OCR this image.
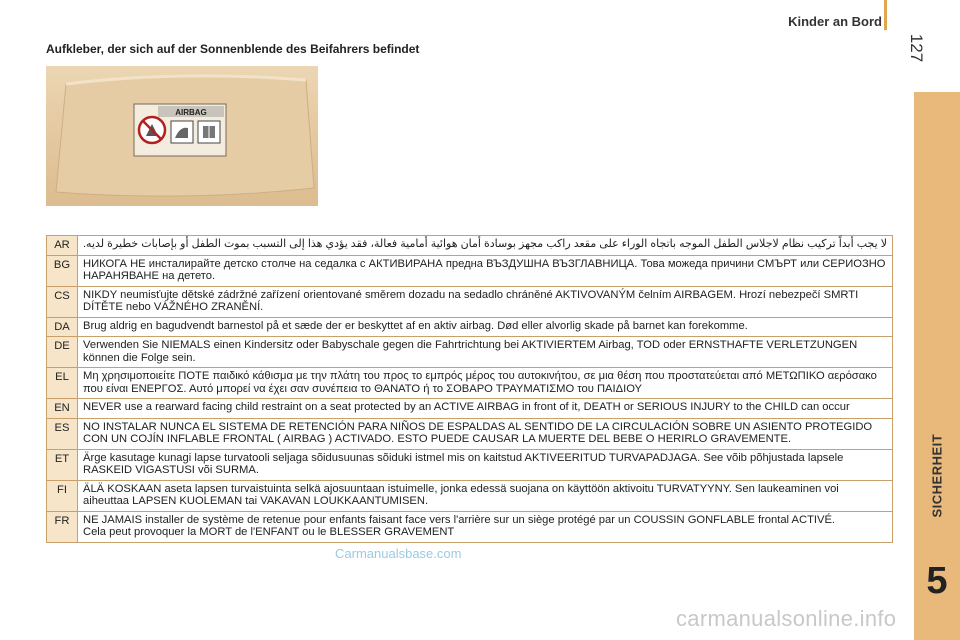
Kinder an Bord
127
SICHERHEIT
5
Aufkleber, der sich auf der Sonnenblende des Beifahrers befindet
AIRBAG
AR	لا يجب أبداً تركيب نظام لاجلاس الطفل الموجه باتجاه الوراء على مقعد راكب مجهز بوسادة أمان هوائية أمامية فعالة، فقد يؤدي هذا إلى التسبب بموت الطفل أو بإصابات خطيرة لديه.
BG	НИКОГА НЕ инсталирайте детско столче на седалка с АКТИВИРАНА предна ВЪЗДУШНА ВЪЗГЛАВНИЦА. Това можеда причини СМЪРТ или СЕРИОЗНО НАРАНЯВАНЕ на детето.
CS	NIKDY neumisťujte dětské zádržné zařízení orientované směrem dozadu na sedadlo chráněné AKTIVOVANÝM čelním AIRBAGEM. Hrozí nebezpečí SMRTI DÍTĚTE nebo VÁŽNÉHO ZRANĚNÍ.
DA	Brug aldrig en bagudvendt barnestol på et sæde der er beskyttet af en aktiv airbag. Død eller alvorlig skade på barnet kan forekomme.
DE	Verwenden Sie NIEMALS einen Kindersitz oder Babyschale gegen die Fahrtrichtung bei AKTIVIERTEM Airbag, TOD oder ERNSTHAFTE VERLETZUNGEN können die Folge sein.
EL	Μη χρησιμοποιείτε ΠΟΤΕ παιδικό κάθισμα με την πλάτη του προς το εμπρός μέρος του αυτοκινήτου, σε μια θέση που προστατεύεται από ΜΕΤΩΠΙΚΟ αερόσακο που είναι ΕΝΕΡΓΟΣ. Αυτό μπορεί να έχει σαν συνέπεια το ΘΑΝΑΤΟ ή το ΣΟΒΑΡΟ ΤΡΑΥΜΑΤΙΣΜΟ του ΠΑΙΔΙΟΥ
EN	NEVER use a rearward facing child restraint on a seat protected by an ACTIVE AIRBAG in front of it, DEATH or SERIOUS INJURY to the CHILD can occur
ES	NO INSTALAR NUNCA EL SISTEMA DE RETENCIÓN PARA NIÑOS DE ESPALDAS AL SENTIDO DE LA CIRCULACIÓN SOBRE UN ASIENTO PROTEGIDO CON UN COJÍN INFLABLE FRONTAL ( AIRBAG ) ACTIVADO. ESTO PUEDE CAUSAR LA MUERTE DEL BEBE O HERIRLO GRAVEMENTE.
ET	Ärge kasutage kunagi lapse turvatooli seljaga sõidusuunas sõiduki istmel mis on kaitstud AKTIVEERITUD TURVAPADJAGA. See võib põhjustada lapsele RASKEID VIGASTUSI või SURMA.
FI	ÄLÄ KOSKAAN aseta lapsen turvaistuinta selkä ajosuuntaan istuimelle, jonka edessä suojana on käyttöön aktivoitu TURVATYYNY. Sen laukeaminen voi aiheuttaa LAPSEN KUOLEMAN tai VAKAVAN LOUKKAANTUMISEN.
FR	NE JAMAIS installer de système de retenue pour enfants faisant face vers l'arrière sur un siège protégé par un COUSSIN GONFLABLE frontal ACTIVÉ.
Cela peut provoquer la MORT de l'ENFANT ou le BLESSER GRAVEMENT
Carmanualsbase.com
carmanualsonline.info
